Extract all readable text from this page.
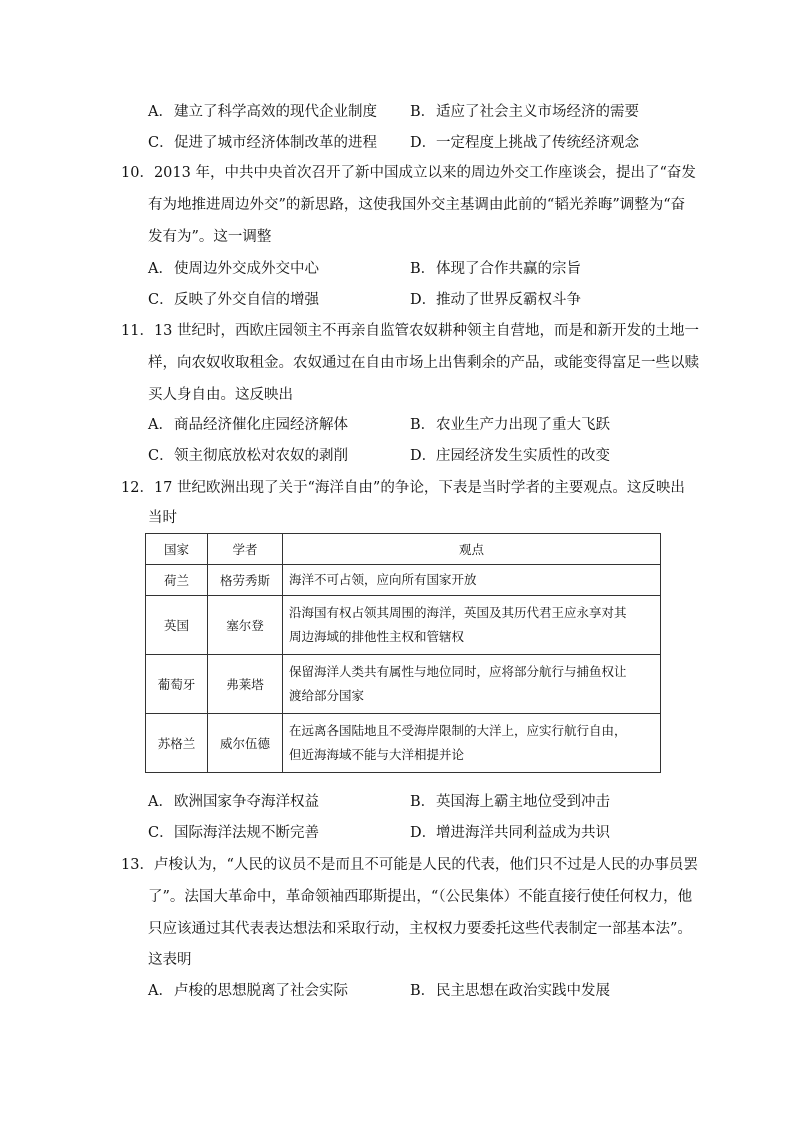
A．建立了科学高效的现代企业制度 B．适应了社会主义市场经济的需要
C．促进了城市经济体制改革的进程 D．一定程度上挑战了传统经济观念
10．2013 年，中共中央首次召开了新中国成立以来的周边外交工作座谈会，提出了“奋发
有为地推进周边外交”的新思路，这使我国外交主基调由此前的“韬光养晦”调整为“奋
发有为”。这一调整
A．使周边外交成外交中心	B．体现了合作共赢的宗旨
C．反映了外交自信的增强	D．推动了世界反霸权斗争
11．13 世纪时，西欧庄园领主不再亲自监管农奴耕种领主自营地，而是和新开发的土地一
样，向农奴收取租金。农奴通过在自由市场上出售剩余的产品，或能变得富足一些以赎
买人身自由。这反映出
A．商品经济催化庄园经济解体	B．农业生产力出现了重大飞跃
C．领主彻底放松对农奴的剥削	D．庄园经济发生实质性的改变
12．17 世纪欧洲出现了关于“海洋自由”的争论，下表是当时学者的主要观点。这反映出
当时
国家	学者	观点
荷兰	格劳秀斯	海洋不可占领，应向所有国家开放
英国	塞尔登	沿海国有权占领其周围的海洋，英国及其历代君王应永享对其
周边海域的排他性主权和管辖权
葡萄牙	弗莱塔	保留海洋人类共有属性与地位同时，应将部分航行与捕鱼权让
渡给部分国家
苏格兰	威尔伍德	在远离各国陆地且不受海岸限制的大洋上，应实行航行自由，
但近海海域不能与大洋相提并论
A．欧洲国家争夺海洋权益	B．英国海上霸主地位受到冲击
C．国际海洋法规不断完善	D．增进海洋共同利益成为共识
13．卢梭认为，“人民的议员不是而且不可能是人民的代表，他们只不过是人民的办事员罢
了”。法国大革命中，革命领袖西耶斯提出，“（公民集体）不能直接行使任何权力，他
只应该通过其代表表达想法和采取行动，主权权力要委托这些代表制定一部基本法”。
这表明
A．卢梭的思想脱离了社会实际	B．民主思想在政治实践中发展
